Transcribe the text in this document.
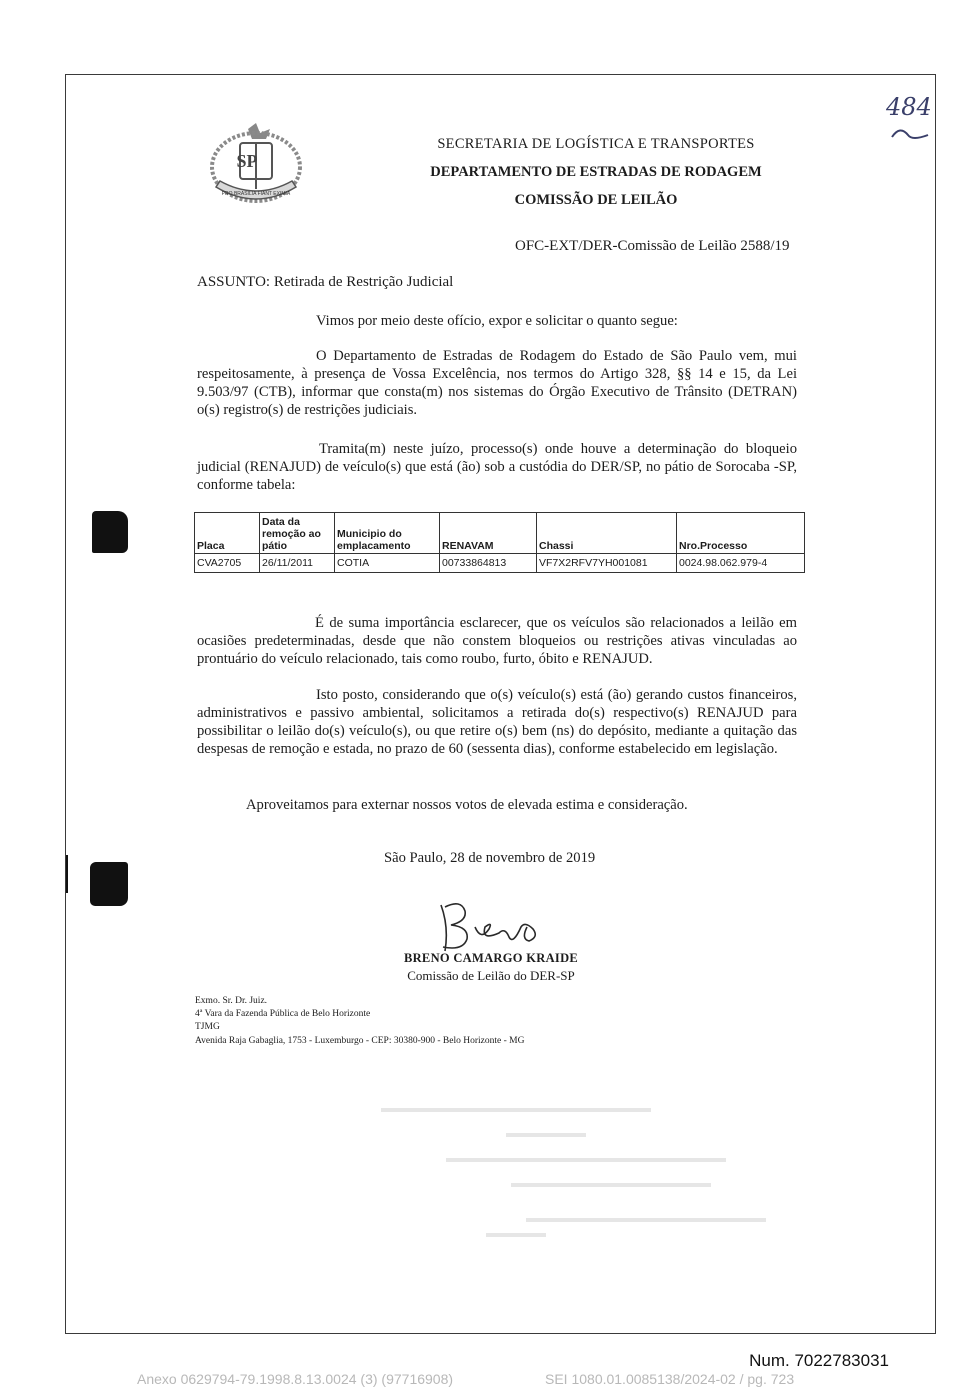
SP
PRO BRASILIA FIANT EXIMIA
SECRETARIA DE LOGÍSTICA E TRANSPORTES
DEPARTAMENTO DE ESTRADAS DE RODAGEM
COMISSÃO DE LEILÃO
484
OFC-EXT/DER-Comissão de Leilão 2588/19
ASSUNTO: Retirada de Restrição Judicial
Vimos por meio deste ofício, expor e solicitar o quanto segue:
O Departamento de Estradas de Rodagem do Estado de São Paulo vem, mui respeitosamente, à presença de Vossa Excelência, nos termos do Artigo 328, §§ 14 e 15, da Lei 9.503/97 (CTB), informar que consta(m) nos sistemas do Órgão Executivo de Trânsito (DETRAN) o(s) registro(s) de restrições judiciais.
Tramita(m) neste juízo, processo(s) onde houve a determinação do bloqueio judicial (RENAJUD) de veículo(s) que está (ão) sob a custódia do DER/SP, no pátio de Sorocaba -SP, conforme tabela:
Placa	Data da remoção ao pátio	Municipio do emplacamento	RENAVAM	Chassi	Nro.Processo
CVA2705	26/11/2011	COTIA	00733864813	VF7X2RFV7YH001081	0024.98.062.979-4
É de suma importância esclarecer, que os veículos são relacionados a leilão em ocasiões predeterminadas, desde que não constem bloqueios ou restrições ativas vinculadas ao prontuário do veículo relacionado, tais como roubo, furto, óbito e RENAJUD.
Isto posto, considerando que o(s) veículo(s) está (ão) gerando custos financeiros, administrativos e passivo ambiental, solicitamos a retirada do(s) respectivo(s) RENAJUD para possibilitar o leilão do(s) veículo(s), ou que retire o(s) bem (ns) do depósito, mediante a quitação das despesas de remoção e estada, no prazo de 60 (sessenta dias), conforme estabelecido em legislação.
Aproveitamos para externar nossos votos de elevada estima e consideração.
São Paulo, 28 de novembro de 2019
BRENO CAMARGO KRAIDE
Comissão de Leilão do DER-SP
Exmo. Sr. Dr. Juiz.
4ª Vara da Fazenda Pública de Belo Horizonte
TJMG
Avenida Raja Gabaglia, 1753 - Luxemburgo - CEP: 30380-900 - Belo Horizonte - MG
Num. 7022783031
Anexo 0629794-79.1998.8.13.0024 (3) (97716908)	SEI 1080.01.0085138/2024-02 / pg. 723
